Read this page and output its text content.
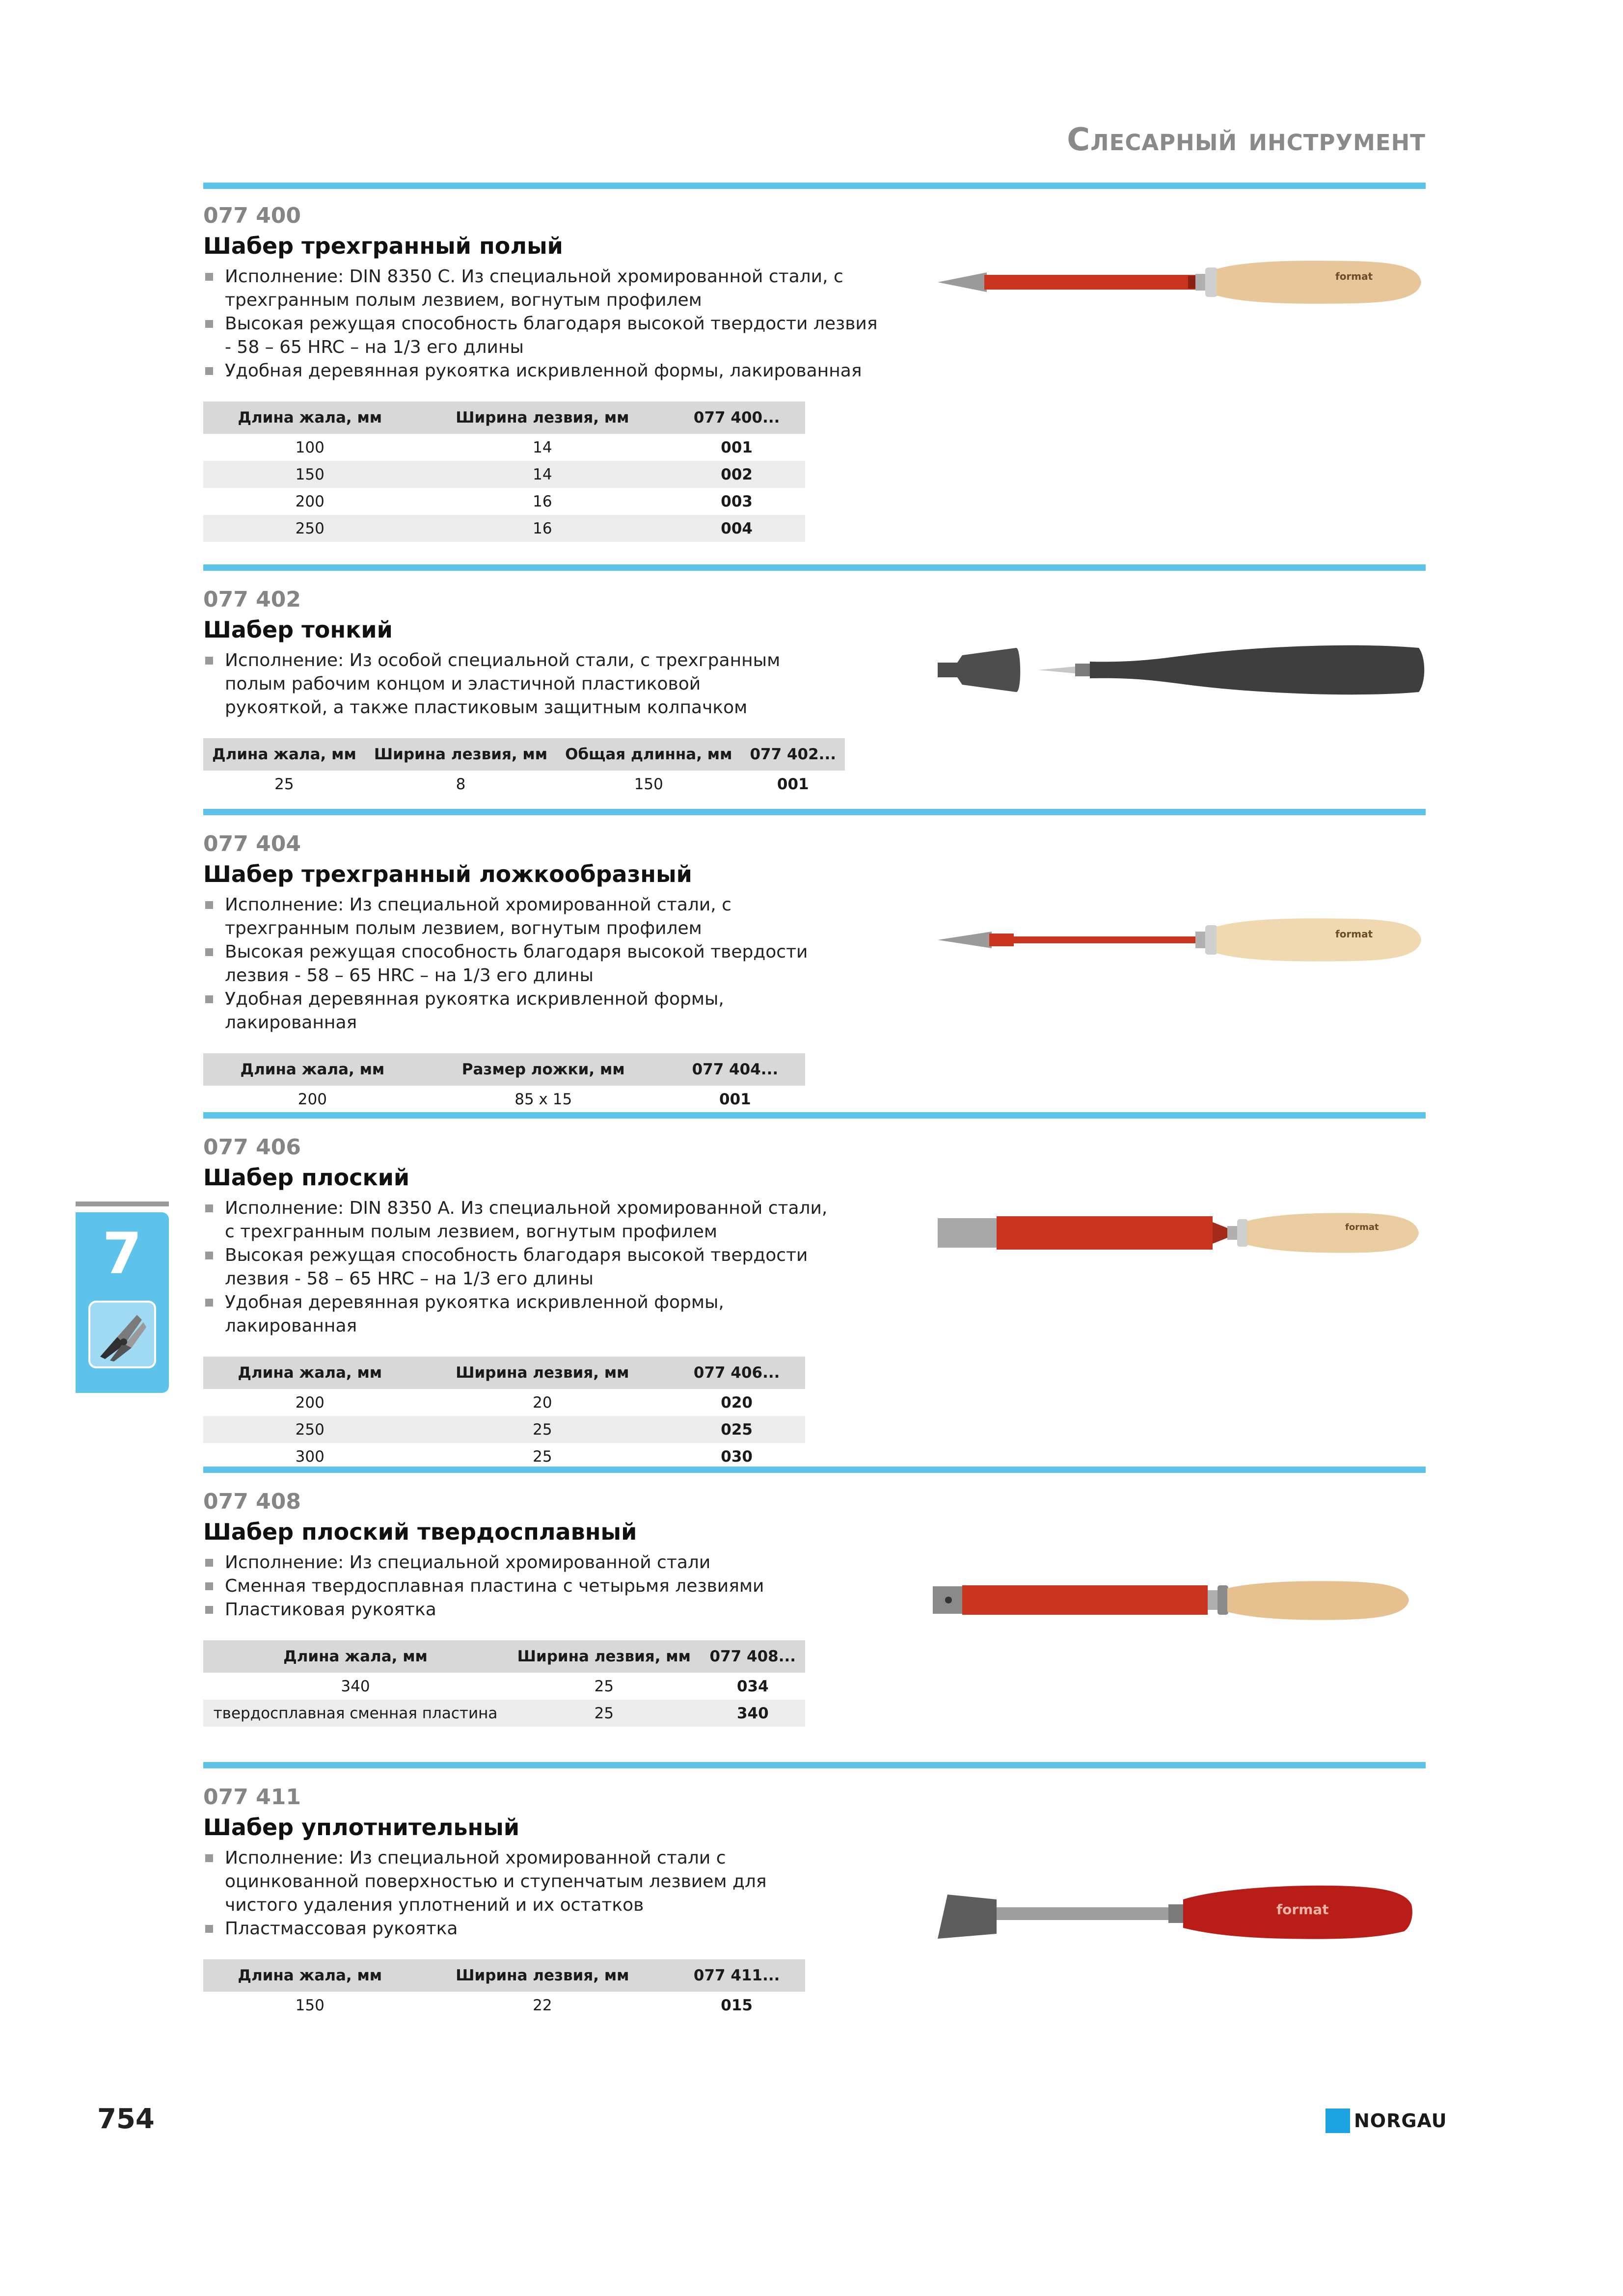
Слесарный инструмент

077 400

Шабер трехгранный полый

Исполнение: DIN 8350 C. Из специальной хромированной стали, с трехгранным полым лезвием, вогнутым профилем
Высокая режущая способность благодаря высокой твердости лезвия - 58 – 65 HRC – на 1/3 его длины
Удобная деревянная рукоятка искривленной формы, лакированная
Длина жала, мм	Ширина лезвия, мм	077 400...
100	14	001
150	14	002
200	16	003
250	16	004
format

077 402

Шабер тонкий

Исполнение: Из особой специальной стали, с трехгранным полым рабочим концом и эластичной пластиковой рукояткой, а также пластиковым защитным колпачком
Длина жала, мм	Ширина лезвия, мм	Общая длинна, мм	077 402...
25	8	150	001

077 404

Шабер трехгранный ложкообразный

Исполнение: Из специальной хромированной стали, с трехгранным полым лезвием, вогнутым профилем
Высокая режущая способность благодаря высокой твердости лезвия - 58 – 65 HRC – на 1/3 его длины
Удобная деревянная рукоятка искривленной формы, лакированная
Длина жала, мм	Размер ложки, мм	077 404...
200	85 x 15	001
format

077 406

Шабер плоский

Исполнение: DIN 8350 A. Из специальной хромированной стали, с трехгранным полым лезвием, вогнутым профилем
Высокая режущая способность благодаря высокой твердости лезвия - 58 – 65 HRC – на 1/3 его длины
Удобная деревянная рукоятка искривленной формы, лакированная
Длина жала, мм	Ширина лезвия, мм	077 406...
200	20	020
250	25	025
300	25	030
format

077 408

Шабер плоский твердосплавный

Исполнение: Из специальной хромированной стали
Сменная твердосплавная пластина с четырьмя лезвиями
Пластиковая рукоятка
Длина жала, мм	Ширина лезвия, мм	077 408...
340	25	034
твердосплавная сменная пластина	25	340

077 411

Шабер уплотнительный

Исполнение: Из специальной хромированной стали с оцинкованной поверхностью и ступенчатым лезвием для чистого удаления уплотнений и их остатков
Пластмассовая рукоятка
Длина жала, мм	Ширина лезвия, мм	077 411...
150	22	015
format

7

754	NORGAU
